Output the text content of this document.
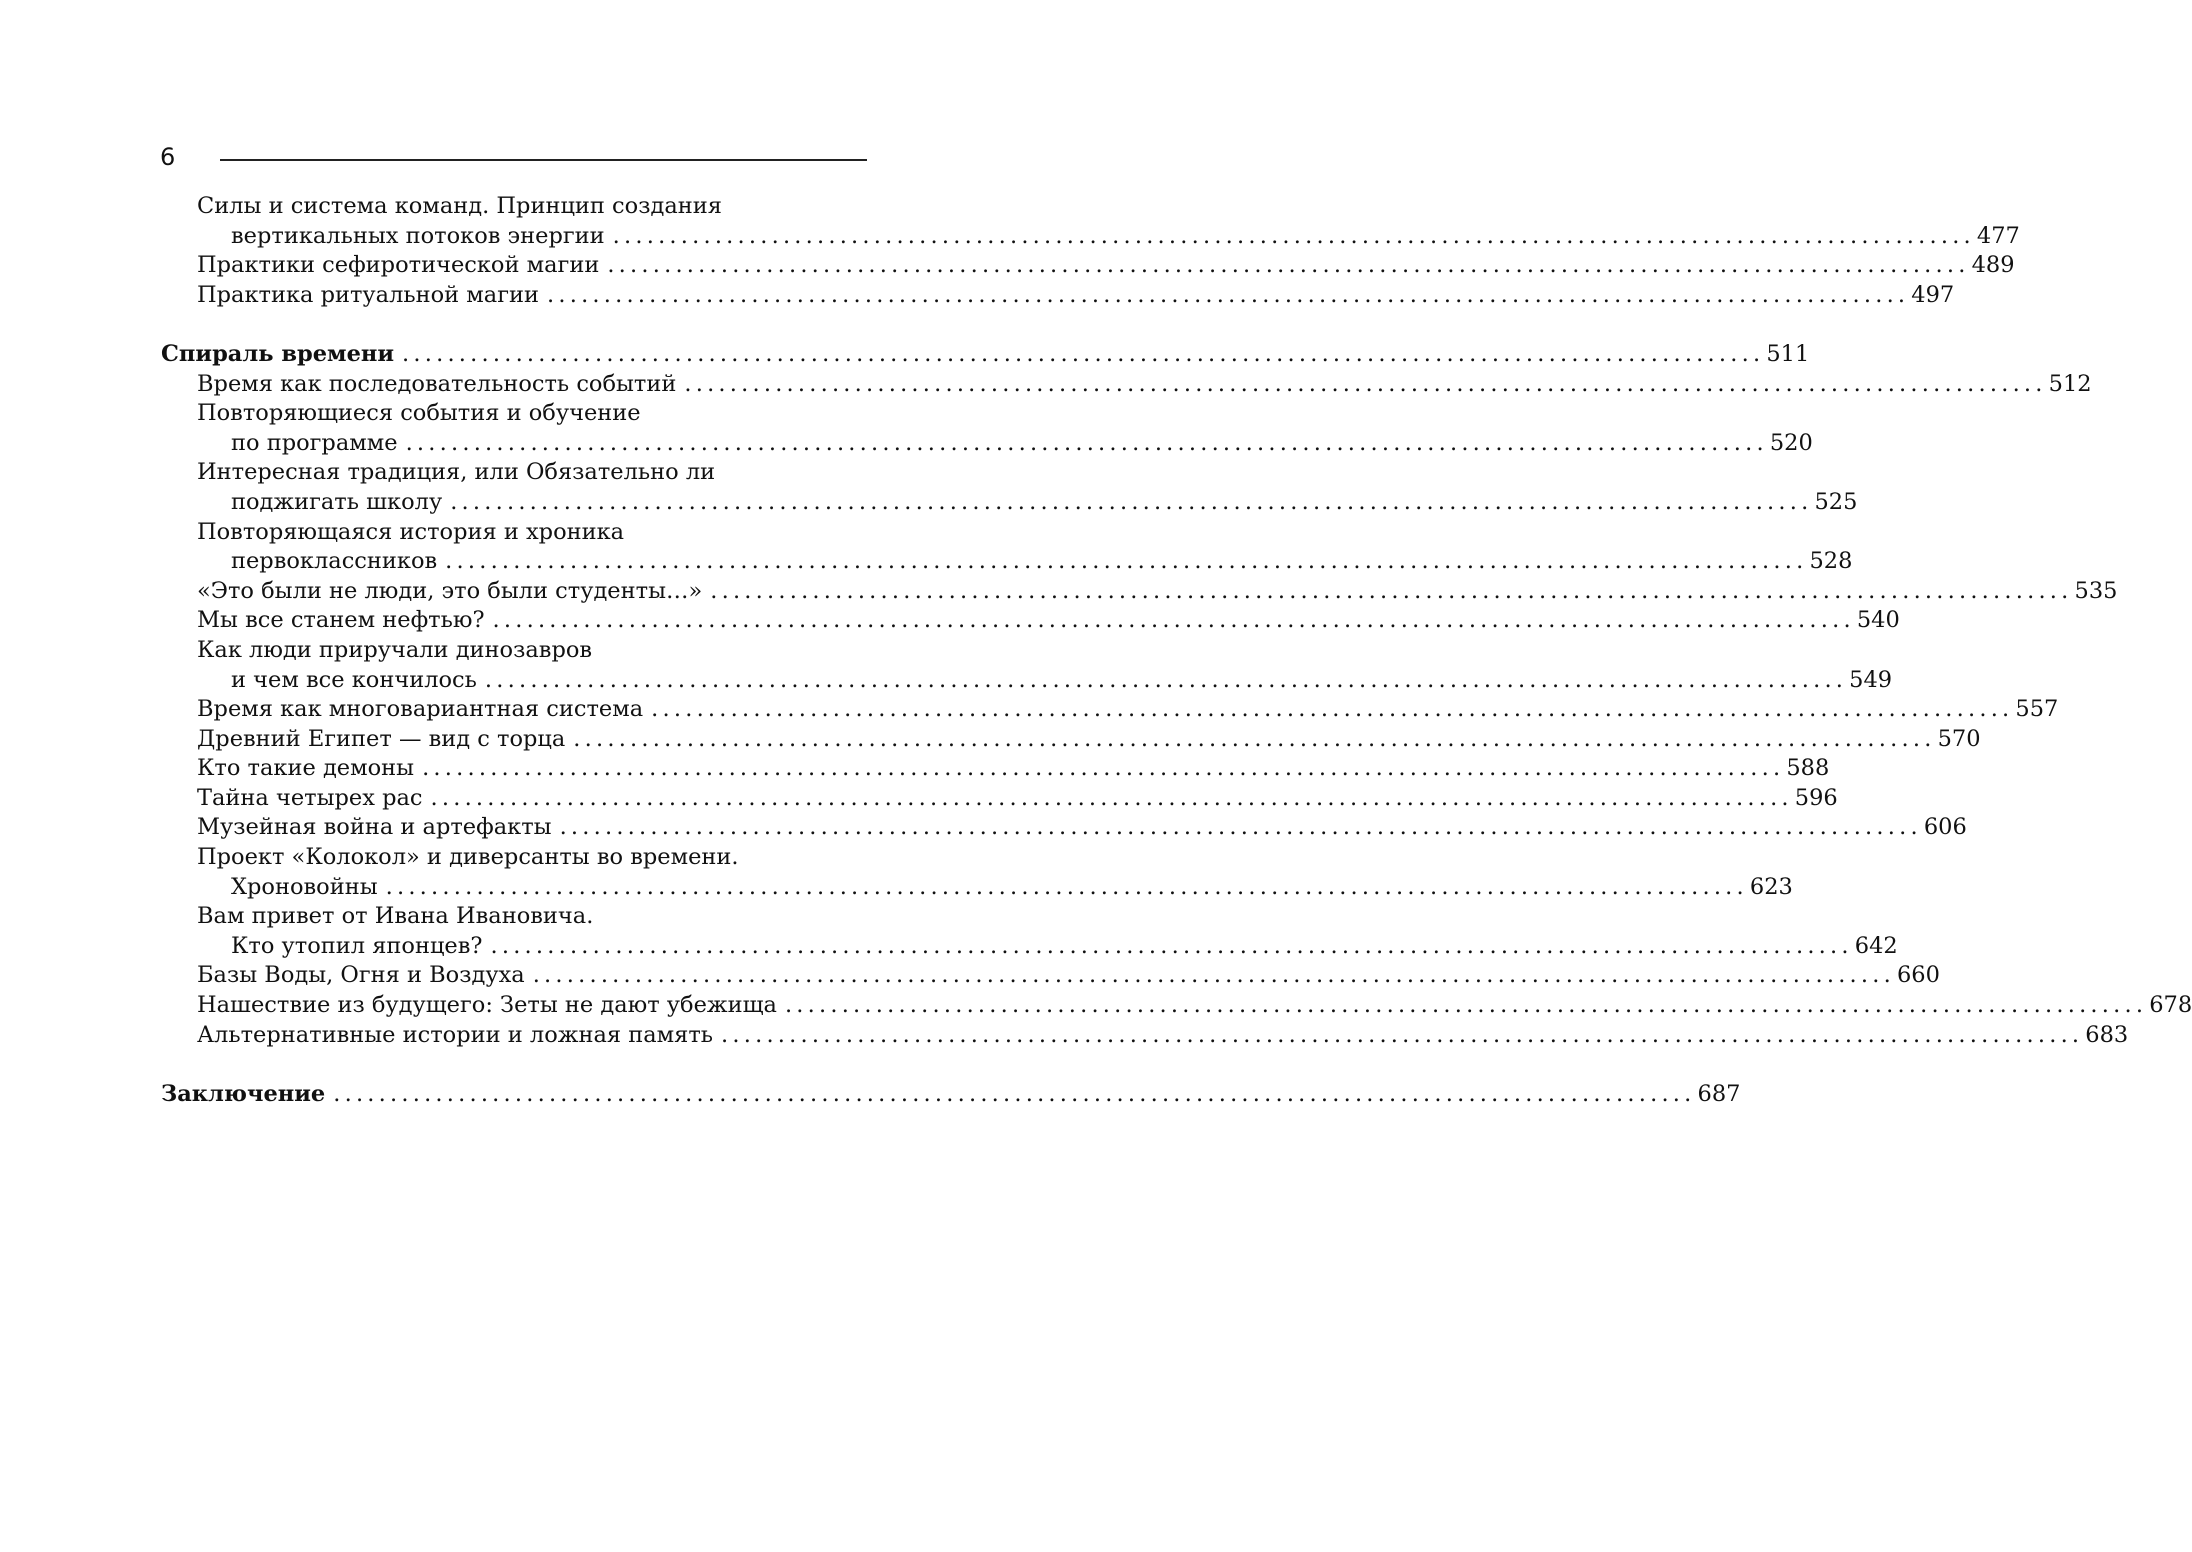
6
Силы и система команд. Принцип создания
вертикальных потоков энергии ........................................................................................................................ 477
Практики сефиротической магии ........................................................................................................................ 489
Практика ритуальной магии ........................................................................................................................ 497
Спираль времени ........................................................................................................................ 511
Время как последовательность событий ........................................................................................................................ 512
Повторяющиеся события и обучение
по программе ........................................................................................................................ 520
Интересная традиция, или Обязательно ли
поджигать школу ........................................................................................................................ 525
Повторяющаяся история и хроника
первоклассников ........................................................................................................................ 528
«Это были не люди, это были студенты…» ........................................................................................................................ 535
Мы все станем нефтью? ........................................................................................................................ 540
Как люди приручали динозавров
и чем все кончилось ........................................................................................................................ 549
Время как многовариантная система ........................................................................................................................ 557
Древний Египет — вид с торца ........................................................................................................................ 570
Кто такие демоны ........................................................................................................................ 588
Тайна четырех рас ........................................................................................................................ 596
Музейная война и артефакты ........................................................................................................................ 606
Проект «Колокол» и диверсанты во времени.
Хроновойны ........................................................................................................................ 623
Вам привет от Ивана Ивановича.
Кто утопил японцев? ........................................................................................................................ 642
Базы Воды, Огня и Воздуха ........................................................................................................................ 660
Нашествие из будущего: Зеты не дают убежища ........................................................................................................................ 678
Альтернативные истории и ложная память ........................................................................................................................ 683
Заключение ........................................................................................................................ 687
